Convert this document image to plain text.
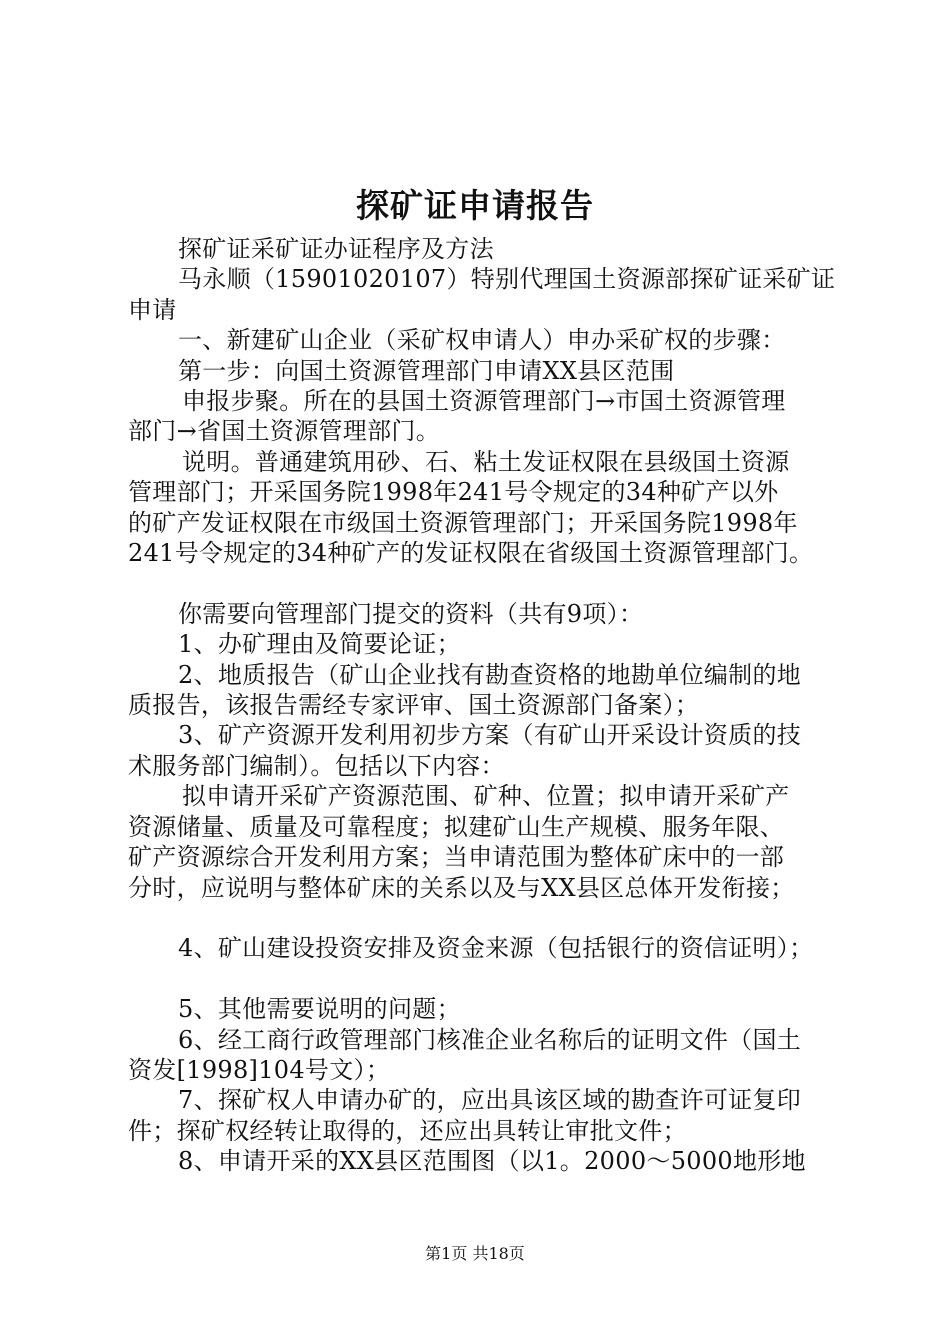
探矿证申请报告

探矿证采矿证办证程序及方法

马永顺（15901020107）特别代理国土资源部探矿证采矿证

申请

一、新建矿山企业（采矿权申请人）申办采矿权的步骤：

第一步：向国土资源管理部门申请XX县区范围

申报步聚。所在的县国土资源管理部门→市国土资源管理

部门→省国土资源管理部门。

说明。普通建筑用砂、石、粘土发证权限在县级国土资源

管理部门；开采国务院1998年241号令规定的34种矿产以外

的矿产发证权限在市级国土资源管理部门；开采国务院1998年

241号令规定的34种矿产的发证权限在省级国土资源管理部门。

你需要向管理部门提交的资料（共有9项）：

1、办矿理由及简要论证；

2、地质报告（矿山企业找有勘查资格的地勘单位编制的地

质报告，该报告需经专家评审、国土资源部门备案）；

3、矿产资源开发利用初步方案（有矿山开采设计资质的技

术服务部门编制）。包括以下内容：

拟申请开采矿产资源范围、矿种、位置；拟申请开采矿产

资源储量、质量及可靠程度；拟建矿山生产规模、服务年限、

矿产资源综合开发利用方案；当申请范围为整体矿床中的一部

分时，应说明与整体矿床的关系以及与XX县区总体开发衔接；

4、矿山建设投资安排及资金来源（包括银行的资信证明）；

5、其他需要说明的问题；

6、经工商行政管理部门核准企业名称后的证明文件（国土

资发[1998]104号文）；

7、探矿权人申请办矿的，应出具该区域的勘查许可证复印

件；探矿权经转让取得的，还应出具转让审批文件；

8、申请开采的XX县区范围图（以1。2000～5000地形地

第1页 共18页
